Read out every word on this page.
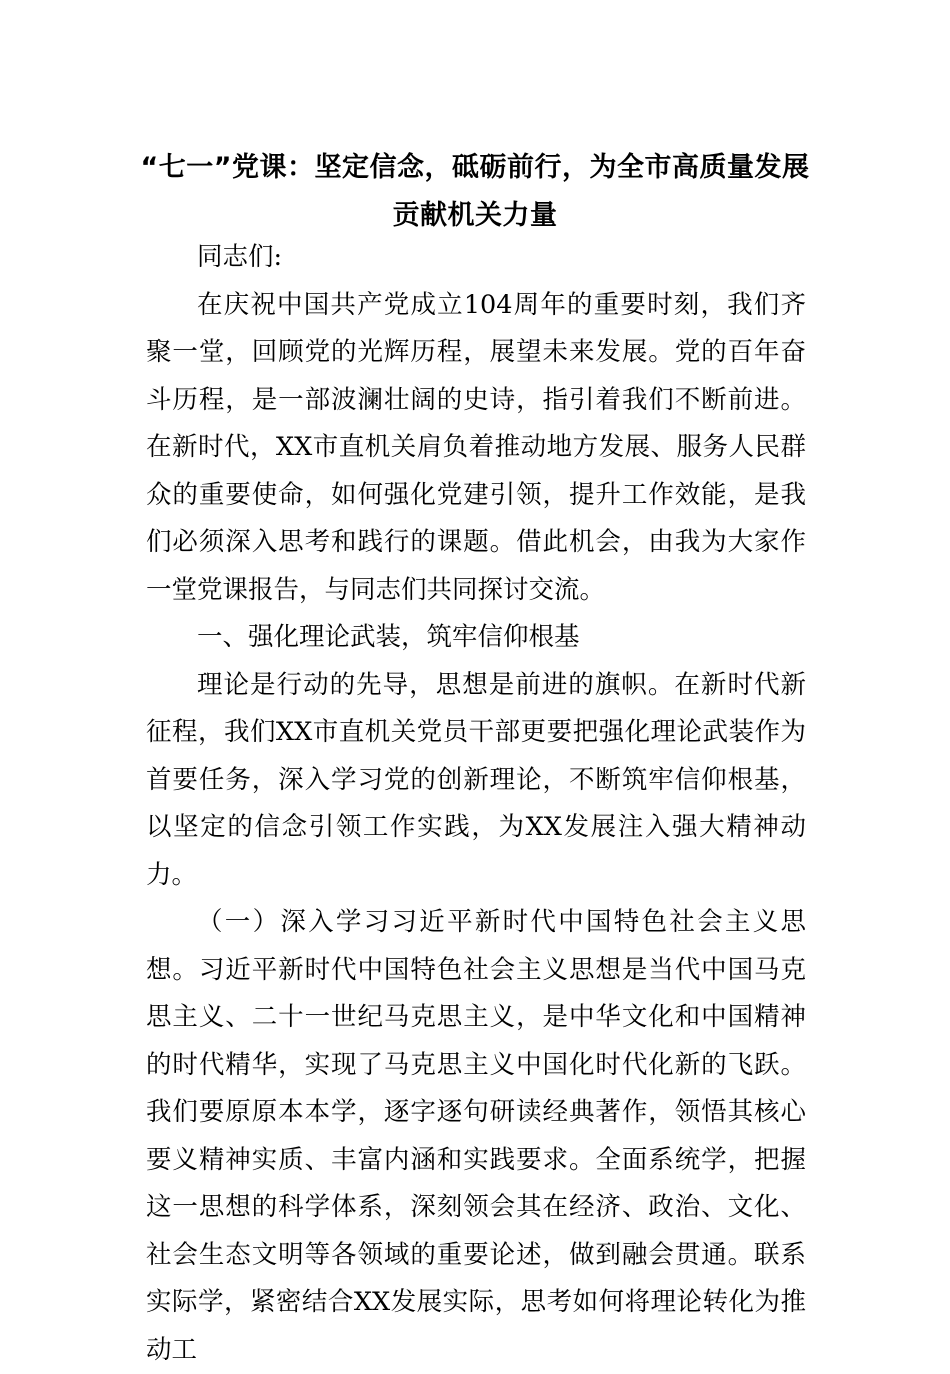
“七一”党课：坚定信念，砥砺前行，为全市高质量发展
贡献机关力量

同志们:

在庆祝中国共产党成立104周年的重要时刻，我们齐聚一堂，回顾党的光辉历程，展望未来发展。党的百年奋斗历程，是一部波澜壮阔的史诗，指引着我们不断前进。在新时代，XX市直机关肩负着推动地方发展、服务人民群众的重要使命，如何强化党建引领，提升工作效能，是我们必须深入思考和践行的课题。借此机会，由我为大家作一堂党课报告，与同志们共同探讨交流。

一、强化理论武装，筑牢信仰根基

理论是行动的先导，思想是前进的旗帜。在新时代新征程，我们XX市直机关党员干部更要把强化理论武装作为首要任务，深入学习党的创新理论，不断筑牢信仰根基，以坚定的信念引领工作实践，为XX发展注入强大精神动力。

（一）深入学习习近平新时代中国特色社会主义思想。习近平新时代中国特色社会主义思想是当代中国马克思主义、二十一世纪马克思主义，是中华文化和中国精神的时代精华，实现了马克思主义中国化时代化新的飞跃。我们要原原本本学，逐字逐句研读经典著作，领悟其核心要义精神实质、丰富内涵和实践要求。全面系统学，把握这一思想的科学体系，深刻领会其在经济、政治、文化、社会生态文明等各领域的重要论述，做到融会贯通。联系实际学，紧密结合XX发展实际，思考如何将理论转化为推动工
